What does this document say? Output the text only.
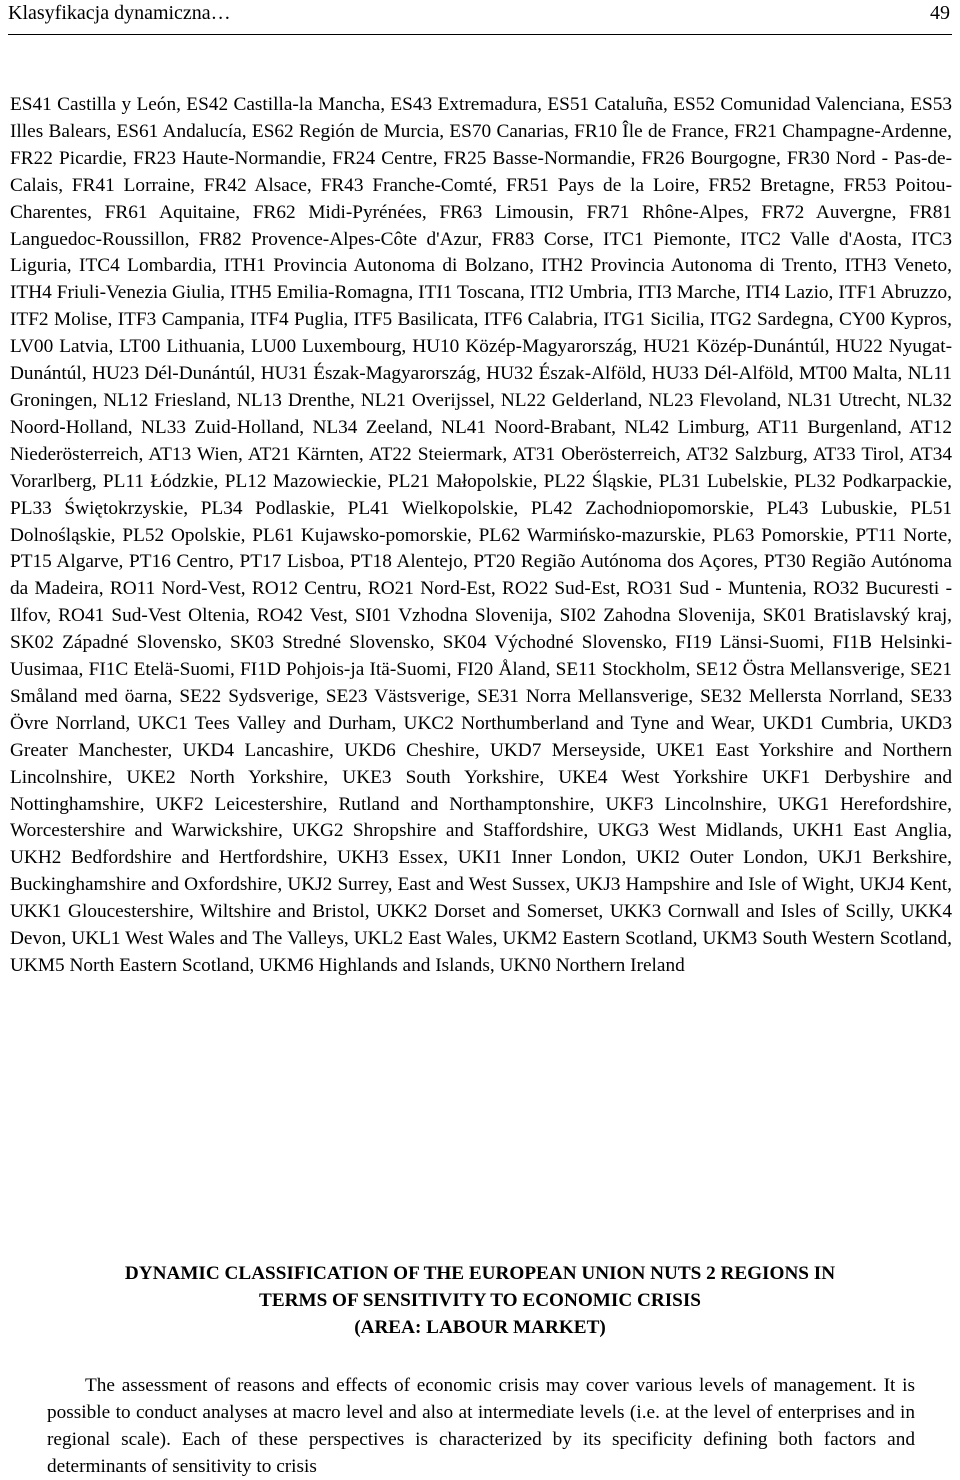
Klasyfikacja dynamiczna…	49

ES41 Castilla y León, ES42 Castilla-la Mancha, ES43 Extremadura, ES51 Cataluña, ES52 Comunidad Valenciana, ES53 Illes Balears, ES61 Andalucía, ES62 Región de Murcia, ES70 Canarias, FR10 Île de France, FR21 Champagne-Ardenne, FR22 Picardie, FR23 Haute-Normandie, FR24 Centre, FR25 Basse-Normandie, FR26 Bourgogne, FR30 Nord - Pas-de-Calais, FR41 Lorraine, FR42 Alsace, FR43 Franche-Comté, FR51 Pays de la Loire, FR52 Bretagne, FR53 Poitou-Charentes, FR61 Aquitaine, FR62 Midi-Pyrénées, FR63 Limousin, FR71 Rhône-Alpes, FR72 Auvergne, FR81 Languedoc-Roussillon, FR82 Provence-Alpes-Côte d'Azur, FR83 Corse, ITC1 Piemonte, ITC2 Valle d'Aosta, ITC3 Liguria, ITC4 Lombardia, ITH1 Provincia Autonoma di Bolzano, ITH2 Provincia Autonoma di Trento, ITH3 Veneto, ITH4 Friuli-Venezia Giulia, ITH5 Emilia-Romagna, ITI1 Toscana, ITI2 Umbria, ITI3 Marche, ITI4 Lazio, ITF1 Abruzzo, ITF2 Molise, ITF3 Campania, ITF4 Puglia, ITF5 Basilicata, ITF6 Calabria, ITG1 Sicilia, ITG2 Sardegna, CY00 Kypros, LV00 Latvia, LT00 Lithuania, LU00 Luxembourg, HU10 Közép-Magyarország, HU21 Közép-Dunántúl, HU22 Nyugat-Dunántúl, HU23 Dél-Dunántúl, HU31 Észak-Magyarország, HU32 Észak-Alföld, HU33 Dél-Alföld, MT00 Malta, NL11 Groningen, NL12 Friesland, NL13 Drenthe, NL21 Overijssel, NL22 Gelderland, NL23 Flevoland, NL31 Utrecht, NL32 Noord-Holland, NL33 Zuid-Holland, NL34 Zeeland, NL41 Noord-Brabant, NL42 Limburg, AT11 Burgenland, AT12 Niederösterreich, AT13 Wien, AT21 Kärnten, AT22 Steiermark, AT31 Oberösterreich, AT32 Salzburg, AT33 Tirol, AT34 Vorarlberg, PL11 Łódzkie, PL12 Mazowieckie, PL21 Małopolskie, PL22 Śląskie, PL31 Lubelskie, PL32 Podkarpackie, PL33 Świętokrzyskie, PL34 Podlaskie, PL41 Wielkopolskie, PL42 Zachodniopomorskie, PL43 Lubuskie, PL51 Dolnośląskie, PL52 Opolskie, PL61 Kujawsko-pomorskie, PL62 Warmińsko-mazurskie, PL63 Pomorskie, PT11 Norte, PT15 Algarve, PT16 Centro, PT17 Lisboa, PT18 Alentejo, PT20 Região Autónoma dos Açores, PT30 Região Autónoma da Madeira, RO11 Nord-Vest, RO12 Centru, RO21 Nord-Est, RO22 Sud-Est, RO31 Sud - Muntenia, RO32 Bucuresti - Ilfov, RO41 Sud-Vest Oltenia, RO42 Vest, SI01 Vzhodna Slovenija, SI02 Zahodna Slovenija, SK01 Bratislavský kraj, SK02 Západné Slovensko, SK03 Stredné Slovensko, SK04 Východné Slovensko, FI19 Länsi-Suomi, FI1B Helsinki-Uusimaa, FI1C Etelä-Suomi, FI1D Pohjois-ja Itä-Suomi, FI20 Åland, SE11 Stockholm, SE12 Östra Mellansverige, SE21 Småland med öarna, SE22 Sydsverige, SE23 Västsverige, SE31 Norra Mellansverige, SE32 Mellersta Norrland, SE33 Övre Norrland, UKC1 Tees Valley and Durham, UKC2 Northumberland and Tyne and Wear, UKD1 Cumbria, UKD3 Greater Manchester, UKD4 Lancashire, UKD6 Cheshire, UKD7 Merseyside, UKE1 East Yorkshire and Northern Lincolnshire, UKE2 North Yorkshire, UKE3 South Yorkshire, UKE4 West Yorkshire UKF1 Derbyshire and Nottinghamshire, UKF2 Leicestershire, Rutland and Northamptonshire, UKF3 Lincolnshire, UKG1 Herefordshire, Worcestershire and Warwickshire, UKG2 Shropshire and Staffordshire, UKG3 West Midlands, UKH1 East Anglia, UKH2 Bedfordshire and Hertfordshire, UKH3 Essex, UKI1 Inner London, UKI2 Outer London, UKJ1 Berkshire, Buckinghamshire and Oxfordshire, UKJ2 Surrey, East and West Sussex, UKJ3 Hampshire and Isle of Wight, UKJ4 Kent, UKK1 Gloucestershire, Wiltshire and Bristol, UKK2 Dorset and Somerset, UKK3 Cornwall and Isles of Scilly, UKK4 Devon, UKL1 West Wales and The Valleys, UKL2 East Wales, UKM2 Eastern Scotland, UKM3 South Western Scotland, UKM5 North Eastern Scotland, UKM6 Highlands and Islands, UKN0 Northern Ireland

DYNAMIC CLASSIFICATION OF THE EUROPEAN UNION NUTS 2 REGIONS IN
TERMS OF SENSITIVITY TO ECONOMIC CRISIS
(AREA: LABOUR MARKET)

The assessment of reasons and effects of economic crisis may cover various levels of management. It is possible to conduct analyses at macro level and also at intermediate levels (i.e. at the level of enterprises and in regional scale). Each of these perspectives is characterized by its specificity defining both factors and determinants of sensitivity to crisis
